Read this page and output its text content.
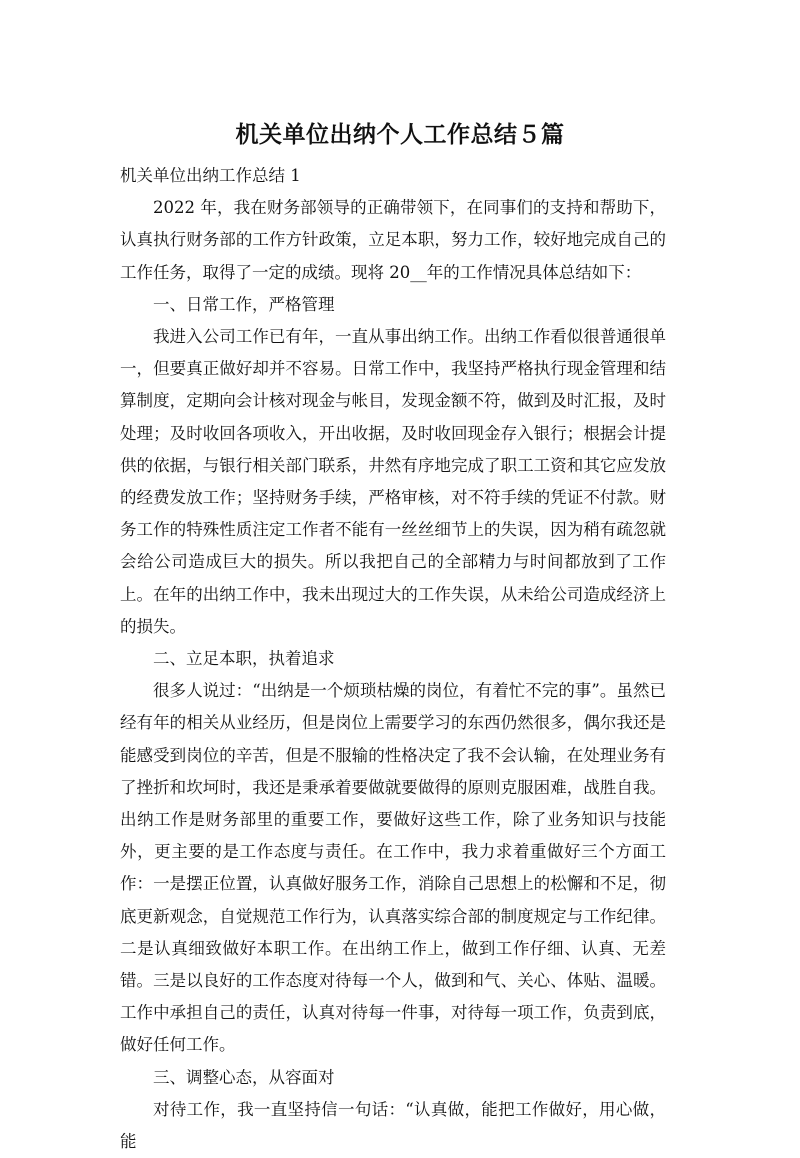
机关单位出纳个人工作总结５篇

机关单位出纳工作总结 1

2022 年，我在财务部领导的正确带领下，在同事们的支持和帮助下，认真执行财务部的工作方针政策，立足本职，努力工作，较好地完成自己的工作任务，取得了一定的成绩。现将 20__年的工作情况具体总结如下：

一、日常工作，严格管理

我进入公司工作已有年，一直从事出纳工作。出纳工作看似很普通很单一，但要真正做好却并不容易。日常工作中，我坚持严格执行现金管理和结算制度，定期向会计核对现金与帐目，发现金额不符，做到及时汇报，及时处理；及时收回各项收入，开出收据，及时收回现金存入银行；根据会计提供的依据，与银行相关部门联系，井然有序地完成了职工工资和其它应发放的经费发放工作；坚持财务手续，严格审核，对不符手续的凭证不付款。财务工作的特殊性质注定工作者不能有一丝丝细节上的失误，因为稍有疏忽就会给公司造成巨大的损失。所以我把自己的全部精力与时间都放到了工作上。在年的出纳工作中，我未出现过大的工作失误，从未给公司造成经济上的损失。

二、立足本职，执着追求

很多人说过：“出纳是一个烦琐枯燥的岗位，有着忙不完的事”。虽然已经有年的相关从业经历，但是岗位上需要学习的东西仍然很多，偶尔我还是能感受到岗位的辛苦，但是不服输的性格决定了我不会认输，在处理业务有了挫折和坎坷时，我还是秉承着要做就要做得的原则克服困难，战胜自我。出纳工作是财务部里的重要工作，要做好这些工作，除了业务知识与技能外，更主要的是工作态度与责任。在工作中，我力求着重做好三个方面工作：一是摆正位置，认真做好服务工作，消除自己思想上的松懈和不足，彻底更新观念，自觉规范工作行为，认真落实综合部的制度规定与工作纪律。二是认真细致做好本职工作。在出纳工作上，做到工作仔细、认真、无差错。三是以良好的工作态度对待每一个人，做到和气、关心、体贴、温暖。工作中承担自己的责任，认真对待每一件事，对待每一项工作，负责到底，做好任何工作。

三、调整心态，从容面对

对待工作，我一直坚持信一句话：“认真做，能把工作做好，用心做，能
